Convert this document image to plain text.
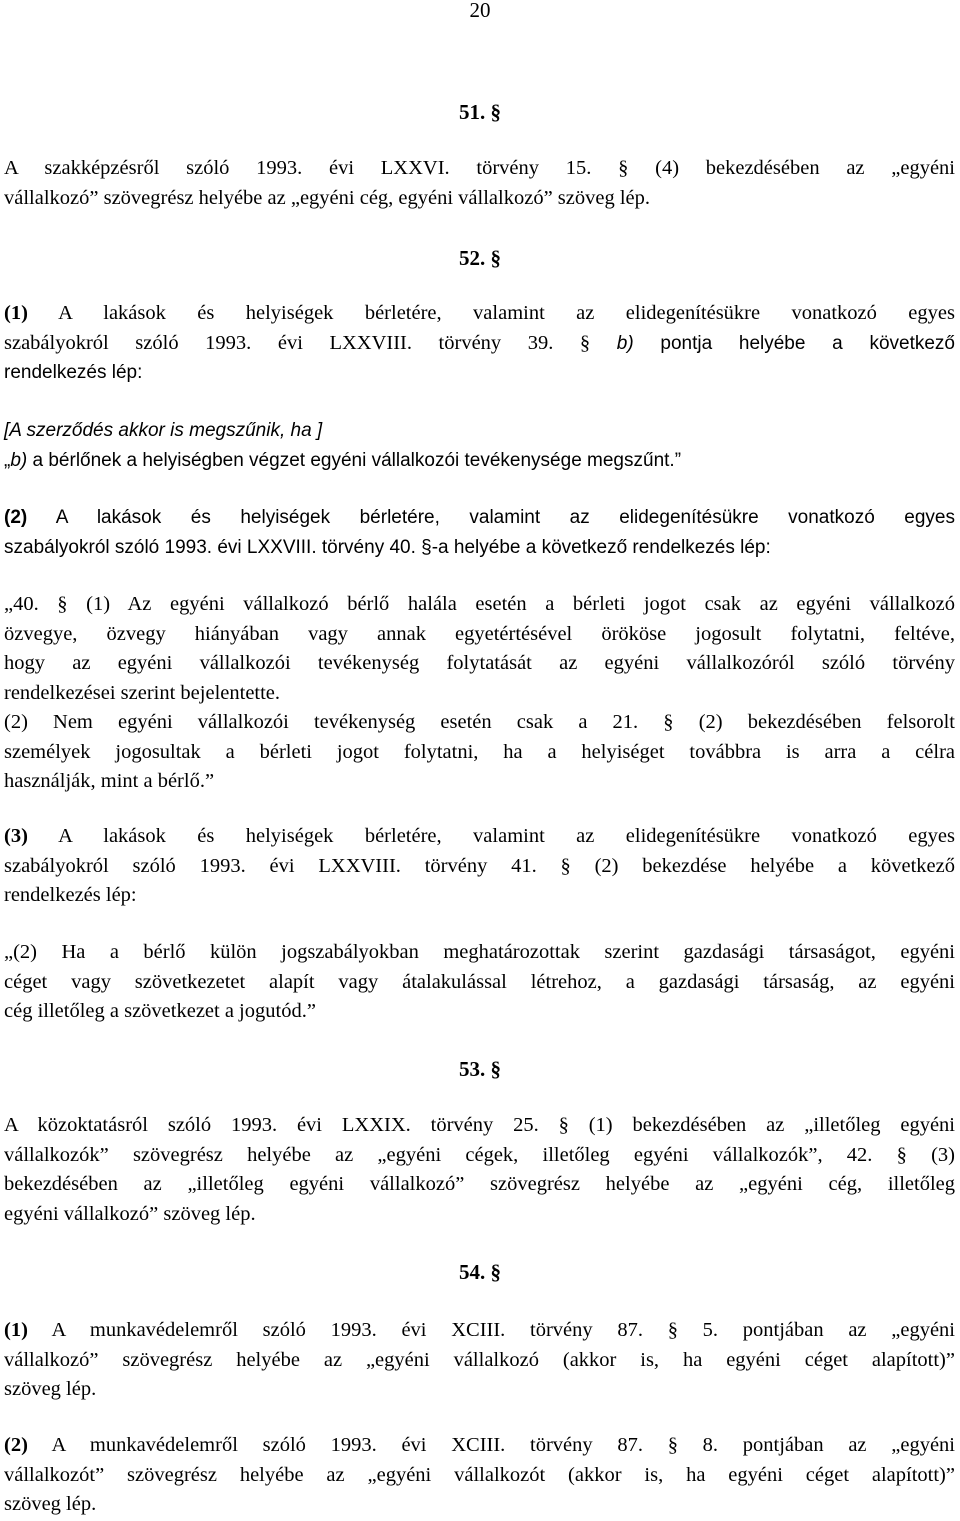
20
51. §
A szakképzésről szóló 1993. évi LXXVI. törvény 15. § (4) bekezdésében az „egyéni
vállalkozó” szövegrész helyébe az „egyéni cég, egyéni vállalkozó” szöveg lép.
52. §
(1) A lakások és helyiségek bérletére, valamint az elidegenítésükre vonatkozó egyes
szabályokról szóló 1993. évi LXXVIII. törvény 39. § b) pontja helyébe a következő
rendelkezés lép:
[A szerződés akkor is megszűnik, ha ]
„b) a bérlőnek a helyiségben végzet egyéni vállalkozói tevékenysége megszűnt.”
(2) A lakások és helyiségek bérletére, valamint az elidegenítésükre vonatkozó egyes
szabályokról szóló 1993. évi LXXVIII. törvény 40. §-a helyébe a következő rendelkezés lép:
„40. § (1) Az egyéni vállalkozó bérlő halála esetén a bérleti jogot csak az egyéni vállalkozó
özvegye, özvegy hiányában vagy annak egyetértésével örököse jogosult folytatni, feltéve,
hogy az egyéni vállalkozói tevékenység folytatását az egyéni vállalkozóról szóló törvény
rendelkezései szerint bejelentette.
(2) Nem egyéni vállalkozói tevékenység esetén csak a 21. § (2) bekezdésében felsorolt
személyek jogosultak a bérleti jogot folytatni, ha a helyiséget továbbra is arra a célra
használják, mint a bérlő.”
(3) A lakások és helyiségek bérletére, valamint az elidegenítésükre vonatkozó egyes
szabályokról szóló 1993. évi LXXVIII. törvény 41. § (2) bekezdése helyébe a következő
rendelkezés lép:
„(2) Ha a bérlő külön jogszabályokban meghatározottak szerint gazdasági társaságot, egyéni
céget vagy szövetkezetet alapít vagy átalakulással létrehoz, a gazdasági társaság, az egyéni
cég illetőleg a szövetkezet a jogutód.”
53. §
A közoktatásról szóló 1993. évi LXXIX. törvény 25. § (1) bekezdésében az „illetőleg egyéni
vállalkozók” szövegrész helyébe az „egyéni cégek, illetőleg egyéni vállalkozók”, 42. § (3)
bekezdésében az „illetőleg egyéni vállalkozó” szövegrész helyébe az „egyéni cég, illetőleg
egyéni vállalkozó” szöveg lép.
54. §
(1) A munkavédelemről szóló 1993. évi XCIII. törvény 87. § 5. pontjában az „egyéni
vállalkozó” szövegrész helyébe az „egyéni vállalkozó (akkor is, ha egyéni céget alapított)”
szöveg lép.
(2) A munkavédelemről szóló 1993. évi XCIII. törvény 87. § 8. pontjában az „egyéni
vállalkozót” szövegrész helyébe az „egyéni vállalkozót (akkor is, ha egyéni céget alapított)”
szöveg lép.
